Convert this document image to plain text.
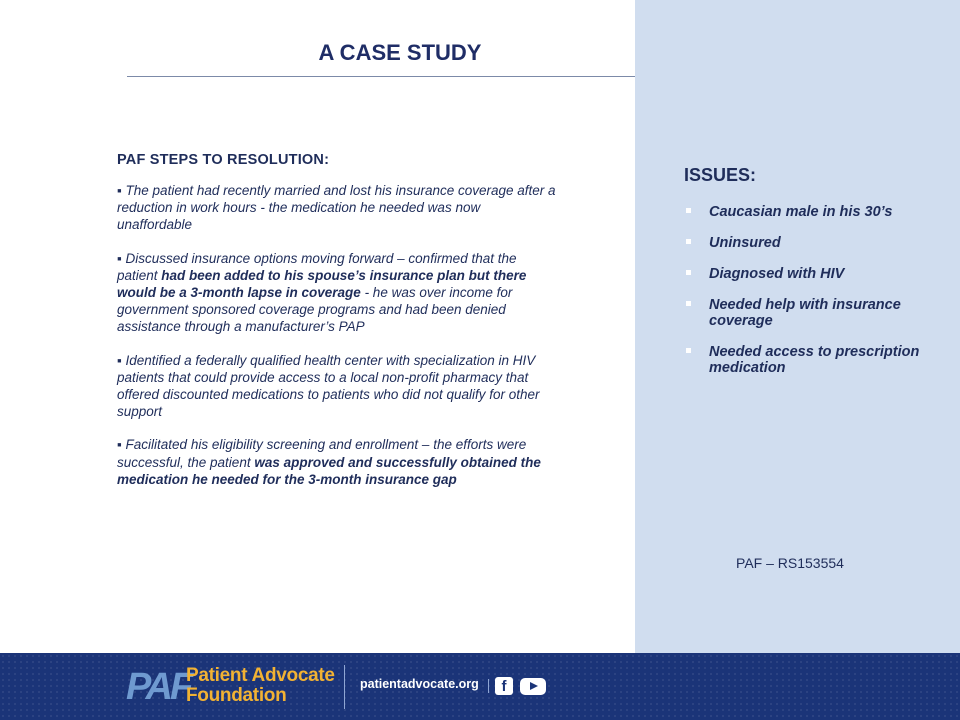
A CASE STUDY

PAF STEPS TO RESOLUTION:

▪ The patient had recently married and lost his insurance coverage after a reduction in work hours - the medication he needed was now unaffordable

▪ Discussed insurance options moving forward – confirmed that the patient had been added to his spouse’s insurance plan but there would be a 3-month lapse in coverage - he was over income for government sponsored coverage programs and had been denied assistance through a manufacturer’s PAP

▪ Identified a federally qualified health center with specialization in HIV patients that could provide access to a local non-profit pharmacy that offered discounted medications to patients who did not qualify for other support

▪ Facilitated his eligibility screening and enrollment – the efforts were successful, the patient was approved and successfully obtained the medication he needed for the 3-month insurance gap

ISSUES:

Caucasian male in his 30’s
Uninsured
Diagnosed with HIV
Needed help with insurance coverage
Needed access to prescription medication
PAF – RS153554
PAF
Patient Advocate
Foundation
patientadvocate.org	f
